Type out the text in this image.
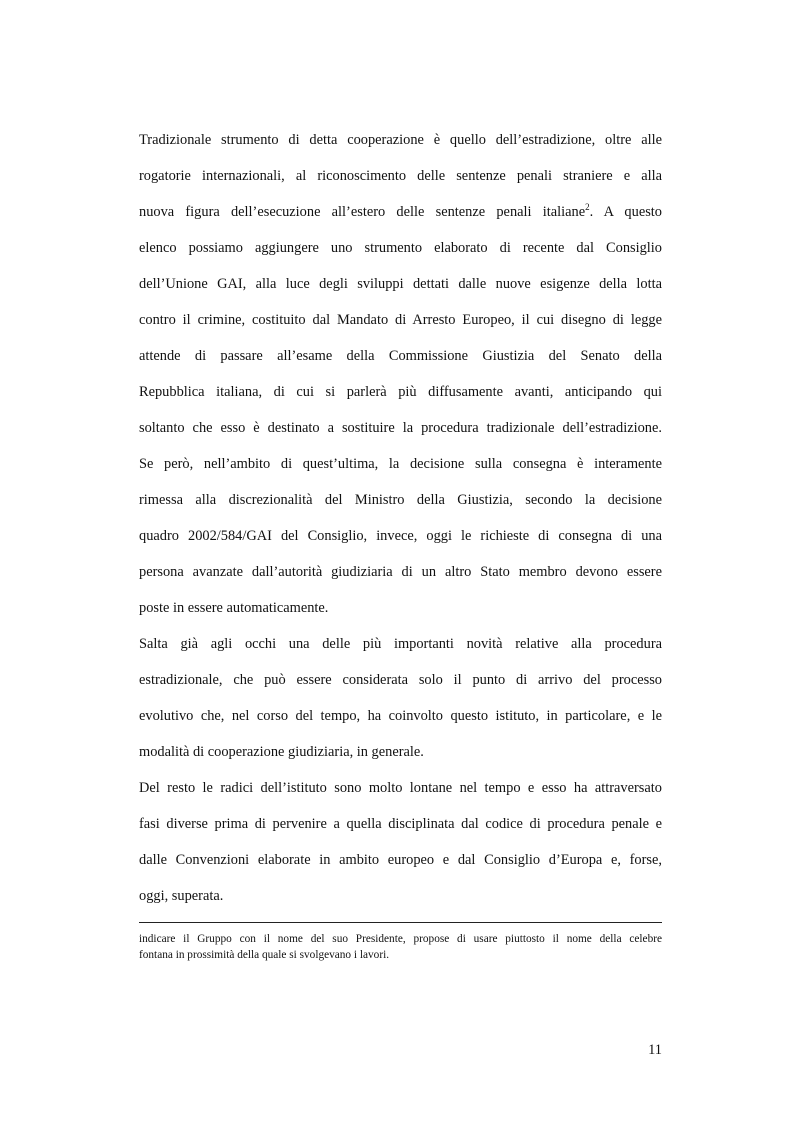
Tradizionale strumento di detta cooperazione è quello dell’estradizione, oltre alle
rogatorie internazionali, al riconoscimento delle sentenze penali straniere e alla
nuova figura dell’esecuzione all’estero delle sentenze penali italiane$^2$. A questo
elenco possiamo aggiungere uno strumento elaborato di recente dal Consiglio
dell’Unione GAI, alla luce degli sviluppi dettati dalle nuove esigenze della lotta
contro il crimine, costituito dal Mandato di Arresto Europeo, il cui disegno di legge
attende di passare all’esame della Commissione Giustizia del Senato della
Repubblica italiana, di cui si parlerà più diffusamente avanti, anticipando qui
soltanto che esso è destinato a sostituire la procedura tradizionale dell’estradizione.
Se però, nell’ambito di quest’ultima, la decisione sulla consegna è interamente
rimessa alla discrezionalità del Ministro della Giustizia, secondo la decisione
quadro 2002/584/GAI del Consiglio, invece, oggi le richieste di consegna di una
persona avanzate dall’autorità giudiziaria di un altro Stato membro devono essere
poste in essere automaticamente.
Salta già agli occhi una delle più importanti novità relative alla procedura
estradizionale, che può essere considerata solo il punto di arrivo del processo
evolutivo che, nel corso del tempo, ha coinvolto questo istituto, in particolare, e le
modalità di cooperazione giudiziaria, in generale.
Del resto le radici dell’istituto sono molto lontane nel tempo e esso ha attraversato
fasi diverse prima di pervenire a quella disciplinata dal codice di procedura penale e
dalle Convenzioni elaborate in ambito europeo e dal Consiglio d’Europa e, forse,
oggi, superata.
indicare il Gruppo con il nome del suo Presidente, propose di usare piuttosto il nome della celebre
fontana in prossimità della quale si svolgevano i lavori.
11
